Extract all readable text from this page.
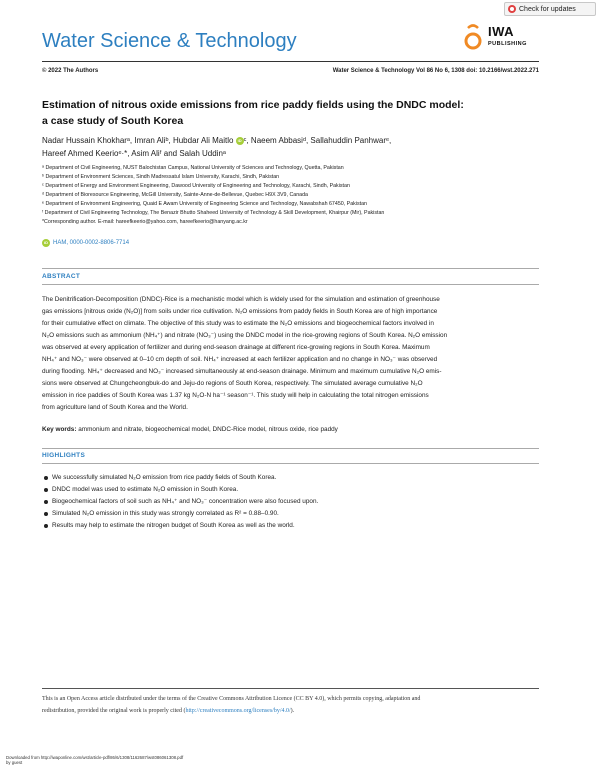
Water Science & Technology
Check for updates
IWA
PUBLISHING
© 2022 The Authors	Water Science & Technology Vol 86 No 6, 1308 doi: 10.2166/wst.2022.271
Estimation of nitrous oxide emissions from rice paddy fields using the DNDC model:
a case study of South Korea
Nadar Hussain Khokharᵃ, Imran Aliᵇ, Hubdar Ali Maitlo iD ᶜ, Naeem Abbasiᵈ, Sallahuddin Panhwarᵉ,
Hareef Ahmed Keerioᵉ·*, Asim Aliᶠ and Salah Uddinᵃ
ᵃ Department of Civil Engineering, NUST Balochistan Campus, National University of Sciences and Technology, Quetta, Pakistan
ᵇ Department of Environment Sciences, Sindh Madressatul Islam University, Karachi, Sindh, Pakistan
ᶜ Department of Energy and Environment Engineering, Dawood University of Engineering and Technology, Karachi, Sindh, Pakistan
ᵈ Department of Bioresource Engineering, McGill University, Sainte-Anne-de-Bellevue, Quebec H9X 3V9, Canada
ᵉ Department of Environment Engineering, Quaid E Awam University of Engineering Science and Technology, Nawabshah 67450, Pakistan
ᶠ Department of Civil Engineering Technology, The Benazir Bhutto Shaheed University of Technology & Skill Development, Khairpur (Mir), Pakistan
*Corresponding author. E-mail: hareefkeerio@yahoo.com, hareefkeerio@hanyang.ac.kr
iD HAM, 0000-0002-8806-7714
ABSTRACT
The Denitrification-Decomposition (DNDC)-Rice is a mechanistic model which is widely used for the simulation and estimation of greenhouse
gas emissions [nitrous oxide (N₂O)] from soils under rice cultivation. N₂O emissions from paddy fields in South Korea are of high importance
for their cumulative effect on climate. The objective of this study was to estimate the N₂O emissions and biogeochemical factors involved in
N₂O emissions such as ammonium (NH₄⁺) and nitrate (NO₃⁻) using the DNDC model in the rice-growing regions of South Korea. N₂O emission
was observed at every application of fertilizer and during end-season drainage at different rice-growing regions in South Korea. Maximum
NH₄⁺ and NO₃⁻ were observed at 0–10 cm depth of soil. NH₄⁺ increased at each fertilizer application and no change in NO₃⁻ was observed
during flooding. NH₄⁺ decreased and NO₃⁻ increased simultaneously at end-season drainage. Minimum and maximum cumulative N₂O emis-
sions were observed at Chungcheongbuk-do and Jeju-do regions of South Korea, respectively. The simulated average cumulative N₂O
emission in rice paddies of South Korea was 1.37 kg N₂O-N ha⁻¹ season⁻¹. This study will help in calculating the total nitrogen emissions
from agriculture land of South Korea and the World.
Key words: ammonium and nitrate, biogeochemical model, DNDC-Rice model, nitrous oxide, rice paddy
HIGHLIGHTS
We successfully simulated N₂O emission from rice paddy fields of South Korea.
DNDC model was used to estimate N₂O emission in South Korea.
Biogeochemical factors of soil such as NH₄⁺ and NO₃⁻ concentration were also focused upon.
Simulated N₂O emission in this study was strongly correlated as R² = 0.88–0.90.
Results may help to estimate the nitrogen budget of South Korea as well as the world.
This is an Open Access article distributed under the terms of the Creative Commons Attribution Licence (CC BY 4.0), which permits copying, adaptation and
redistribution, provided the original work is properly cited (http://creativecommons.org/licenses/by/4.0/).
Downloaded from http://iwaponline.com/wst/article-pdf/86/6/1308/1162687/wst086061308.pdf
by guest
